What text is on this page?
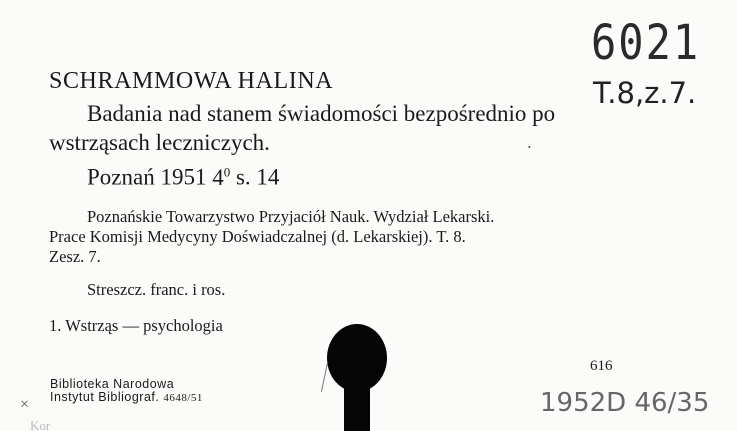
6021
T.8,z.7.
SCHRAMMOWA HALINA
Badania nad stanem świadomości bezpośrednio po
wstrząsach leczniczych.	•
Poznań 1951 $4^0$ s. 14

Poznańskie Towarzystwo Przyjaciół Nauk. Wydział Lekarski.

Prace Komisji Medycyny Doświadczalnej (d. Lekarskiej). T. 8.

Zesz. 7.

Streszcz. franc. i ros.
1. Wstrząs — psychologia
616
Biblioteka Narodowa
Instytut Bibliograf. 4648/51
×
Kor
1952D 46/35
